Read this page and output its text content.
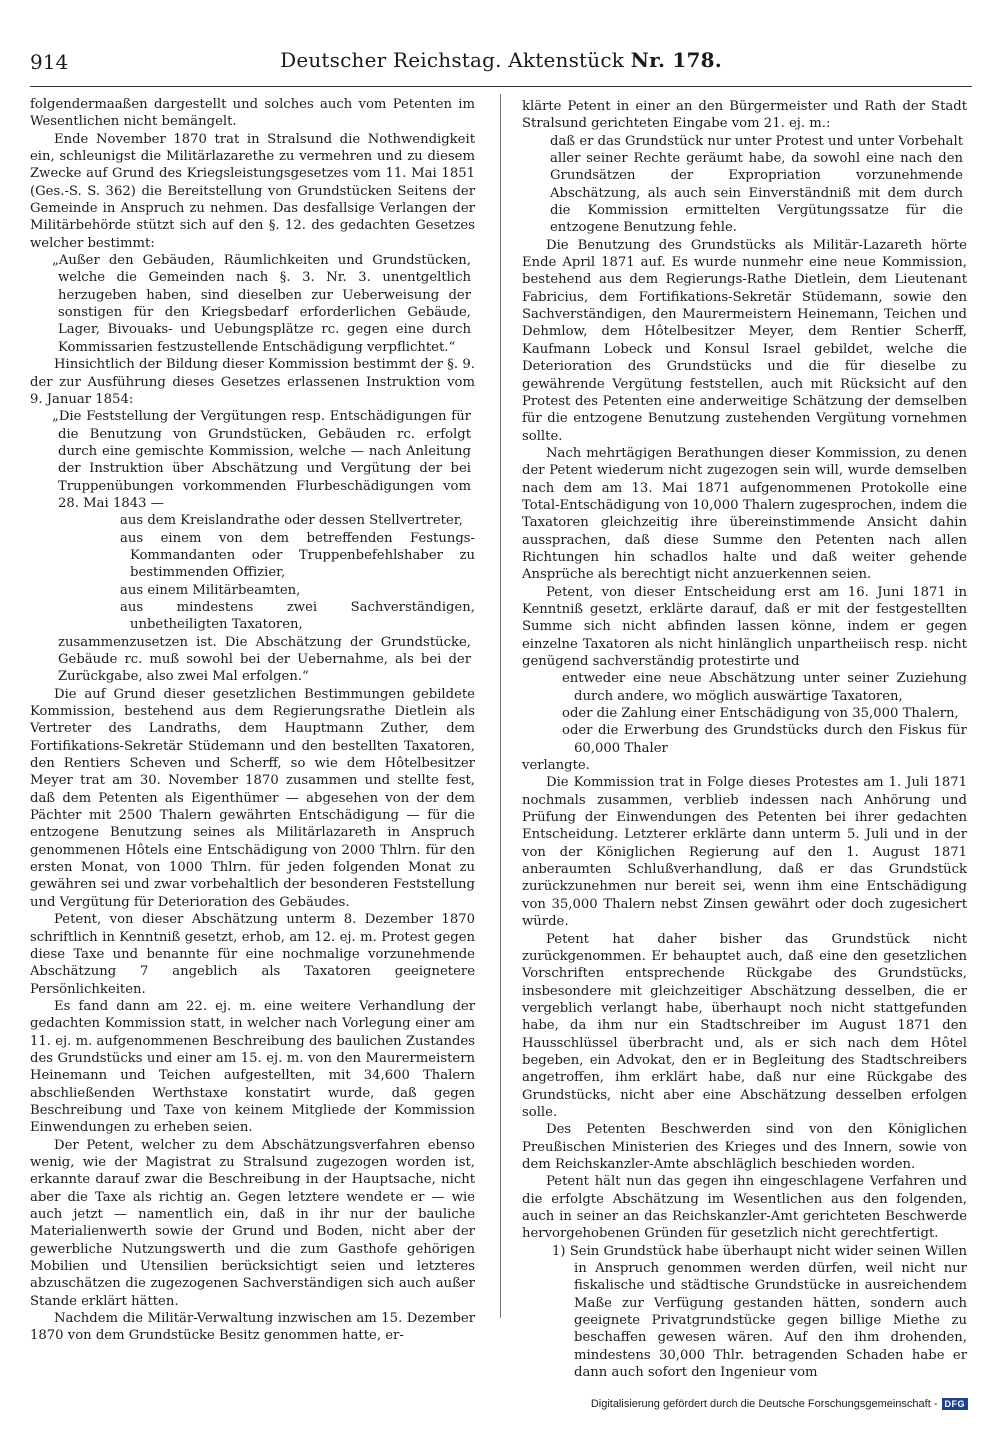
914	Deutscher Reichstag. Aktenstück Nr. 178.

folgendermaaßen dargestellt und solches auch vom Petenten im Wesentlichen nicht bemängelt.

Ende November 1870 trat in Stralsund die Nothwendigkeit ein, schleunigst die Militärlazarethe zu vermehren und zu diesem Zwecke auf Grund des Kriegsleistungsgesetzes vom 11. Mai 1851 (Ges.-S. S. 362) die Bereitstellung von Grundstücken Seitens der Gemeinde in Anspruch zu nehmen. Das desfallsige Verlangen der Militärbehörde stützt sich auf den §. 12. des gedachten Gesetzes welcher bestimmt:

„Außer den Gebäuden, Räumlichkeiten und Grundstücken, welche die Gemeinden nach §. 3. Nr. 3. unentgeltlich herzugeben haben, sind dieselben zur Ueberweisung der sonstigen für den Kriegsbedarf erforderlichen Gebäude, Lager, Bivouaks- und Uebungsplätze rc. gegen eine durch Kommissarien festzustellende Entschädigung verpflichtet.“

Hinsichtlich der Bildung dieser Kommission bestimmt der §. 9. der zur Ausführung dieses Gesetzes erlassenen Instruktion vom 9. Januar 1854:

„Die Feststellung der Vergütungen resp. Entschädigungen für die Benutzung von Grundstücken, Gebäuden rc. erfolgt durch eine gemischte Kommission, welche — nach Anleitung der Instruktion über Abschätzung und Vergütung der bei Truppenübungen vorkommenden Flurbeschädigungen vom 28. Mai 1843 —

aus dem Kreislandrathe oder dessen Stellvertreter,

aus einem von dem betreffenden Festungs-Kommandanten oder Truppenbefehlshaber zu bestimmenden Offizier,

aus einem Militärbeamten,

aus mindestens zwei Sachverständigen, unbetheiligten Taxatoren,

zusammenzusetzen ist. Die Abschätzung der Grundstücke, Gebäude rc. muß sowohl bei der Uebernahme, als bei der Zurückgabe, also zwei Mal erfolgen.“

Die auf Grund dieser gesetzlichen Bestimmungen gebildete Kommission, bestehend aus dem Regierungsrathe Dietlein als Vertreter des Landraths, dem Hauptmann Zuther, dem Fortifikations-Sekretär Stüdemann und den bestellten Taxatoren, den Rentiers Scheven und Scherff, so wie dem Hôtelbesitzer Meyer trat am 30. November 1870 zusammen und stellte fest, daß dem Petenten als Eigenthümer — abgesehen von der dem Pächter mit 2500 Thalern gewährten Entschädigung — für die entzogene Benutzung seines als Militärlazareth in Anspruch genommenen Hôtels eine Entschädigung von 2000 Thlrn. für den ersten Monat, von 1000 Thlrn. für jeden folgenden Monat zu gewähren sei und zwar vorbehaltlich der besonderen Feststellung und Vergütung für Deterioration des Gebäudes.

Petent, von dieser Abschätzung unterm 8. Dezember 1870 schriftlich in Kenntniß gesetzt, erhob, am 12. ej. m. Protest gegen diese Taxe und benannte für eine nochmalige vorzunehmende Abschätzung 7 angeblich als Taxatoren geeignetere Persönlichkeiten.

Es fand dann am 22. ej. m. eine weitere Verhandlung der gedachten Kommission statt, in welcher nach Vorlegung einer am 11. ej. m. aufgenommenen Beschreibung des baulichen Zustandes des Grundstücks und einer am 15. ej. m. von den Maurermeistern Heinemann und Teichen aufgestellten, mit 34,600 Thalern abschließenden Werthstaxe konstatirt wurde, daß gegen Beschreibung und Taxe von keinem Mitgliede der Kommission Einwendungen zu erheben seien.

Der Petent, welcher zu dem Abschätzungsverfahren ebenso wenig, wie der Magistrat zu Stralsund zugezogen worden ist, erkannte darauf zwar die Beschreibung in der Hauptsache, nicht aber die Taxe als richtig an. Gegen letztere wendete er — wie auch jetzt — namentlich ein, daß in ihr nur der bauliche Materialienwerth sowie der Grund und Boden, nicht aber der gewerbliche Nutzungswerth und die zum Gasthofe gehörigen Mobilien und Utensilien berücksichtigt seien und letzteres abzuschätzen die zugezogenen Sachverständigen sich auch außer Stande erklärt hätten.

Nachdem die Militär-Verwaltung inzwischen am 15. Dezember 1870 von dem Grundstücke Besitz genommen hatte, er-

klärte Petent in einer an den Bürgermeister und Rath der Stadt Stralsund gerichteten Eingabe vom 21. ej. m.:

daß er das Grundstück nur unter Protest und unter Vorbehalt aller seiner Rechte geräumt habe, da sowohl eine nach den Grundsätzen der Expropriation vorzunehmende Abschätzung, als auch sein Einverständniß mit dem durch die Kommission ermittelten Vergütungssatze für die entzogene Benutzung fehle.

Die Benutzung des Grundstücks als Militär-Lazareth hörte Ende April 1871 auf. Es wurde nunmehr eine neue Kommission, bestehend aus dem Regierungs-Rathe Dietlein, dem Lieutenant Fabricius, dem Fortifikations-Sekretär Stüdemann, sowie den Sachverständigen, den Maurermeistern Heinemann, Teichen und Dehmlow, dem Hôtelbesitzer Meyer, dem Rentier Scherff, Kaufmann Lobeck und Konsul Israel gebildet, welche die Deterioration des Grundstücks und die für dieselbe zu gewährende Vergütung feststellen, auch mit Rücksicht auf den Protest des Petenten eine anderweitige Schätzung der demselben für die entzogene Benutzung zustehenden Vergütung vornehmen sollte.

Nach mehrtägigen Berathungen dieser Kommission, zu denen der Petent wiederum nicht zugezogen sein will, wurde demselben nach dem am 13. Mai 1871 aufgenommenen Protokolle eine Total-Entschädigung von 10,000 Thalern zugesprochen, indem die Taxatoren gleichzeitig ihre übereinstimmende Ansicht dahin aussprachen, daß diese Summe den Petenten nach allen Richtungen hin schadlos halte und daß weiter gehende Ansprüche als berechtigt nicht anzuerkennen seien.

Petent, von dieser Entscheidung erst am 16. Juni 1871 in Kenntniß gesetzt, erklärte darauf, daß er mit der festgestellten Summe sich nicht abfinden lassen könne, indem er gegen einzelne Taxatoren als nicht hinlänglich unpartheiisch resp. nicht genügend sachverständig protestirte und

entweder eine neue Abschätzung unter seiner Zuziehung durch andere, wo möglich auswärtige Taxatoren,

oder die Zahlung einer Entschädigung von 35,000 Thalern,

oder die Erwerbung des Grundstücks durch den Fiskus für 60,000 Thaler

verlangte.

Die Kommission trat in Folge dieses Protestes am 1. Juli 1871 nochmals zusammen, verblieb indessen nach Anhörung und Prüfung der Einwendungen des Petenten bei ihrer gedachten Entscheidung. Letzterer erklärte dann unterm 5. Juli und in der von der Königlichen Regierung auf den 1. August 1871 anberaumten Schlußverhandlung, daß er das Grundstück zurückzunehmen nur bereit sei, wenn ihm eine Entschädigung von 35,000 Thalern nebst Zinsen gewährt oder doch zugesichert würde.

Petent hat daher bisher das Grundstück nicht zurückgenommen. Er behauptet auch, daß eine den gesetzlichen Vorschriften entsprechende Rückgabe des Grundstücks, insbesondere mit gleichzeitiger Abschätzung desselben, die er vergeblich verlangt habe, überhaupt noch nicht stattgefunden habe, da ihm nur ein Stadtschreiber im August 1871 den Hausschlüssel überbracht und, als er sich nach dem Hôtel begeben, ein Advokat, den er in Begleitung des Stadtschreibers angetroffen, ihm erklärt habe, daß nur eine Rückgabe des Grundstücks, nicht aber eine Abschätzung desselben erfolgen solle.

Des Petenten Beschwerden sind von den Königlichen Preußischen Ministerien des Krieges und des Innern, sowie von dem Reichskanzler-Amte abschläglich beschieden worden.

Petent hält nun das gegen ihn eingeschlagene Verfahren und die erfolgte Abschätzung im Wesentlichen aus den folgenden, auch in seiner an das Reichskanzler-Amt gerichteten Beschwerde hervorgehobenen Gründen für gesetzlich nicht gerechtfertigt.

1) Sein Grundstück habe überhaupt nicht wider seinen Willen in Anspruch genommen werden dürfen, weil nicht nur fiskalische und städtische Grundstücke in ausreichendem Maße zur Verfügung gestanden hätten, sondern auch geeignete Privatgrundstücke gegen billige Miethe zu beschaffen gewesen wären. Auf den ihm drohenden, mindestens 30,000 Thlr. betragenden Schaden habe er dann auch sofort den Ingenieur vom

Digitalisierung gefördert durch die Deutsche Forschungsgemeinschaft - DFG
